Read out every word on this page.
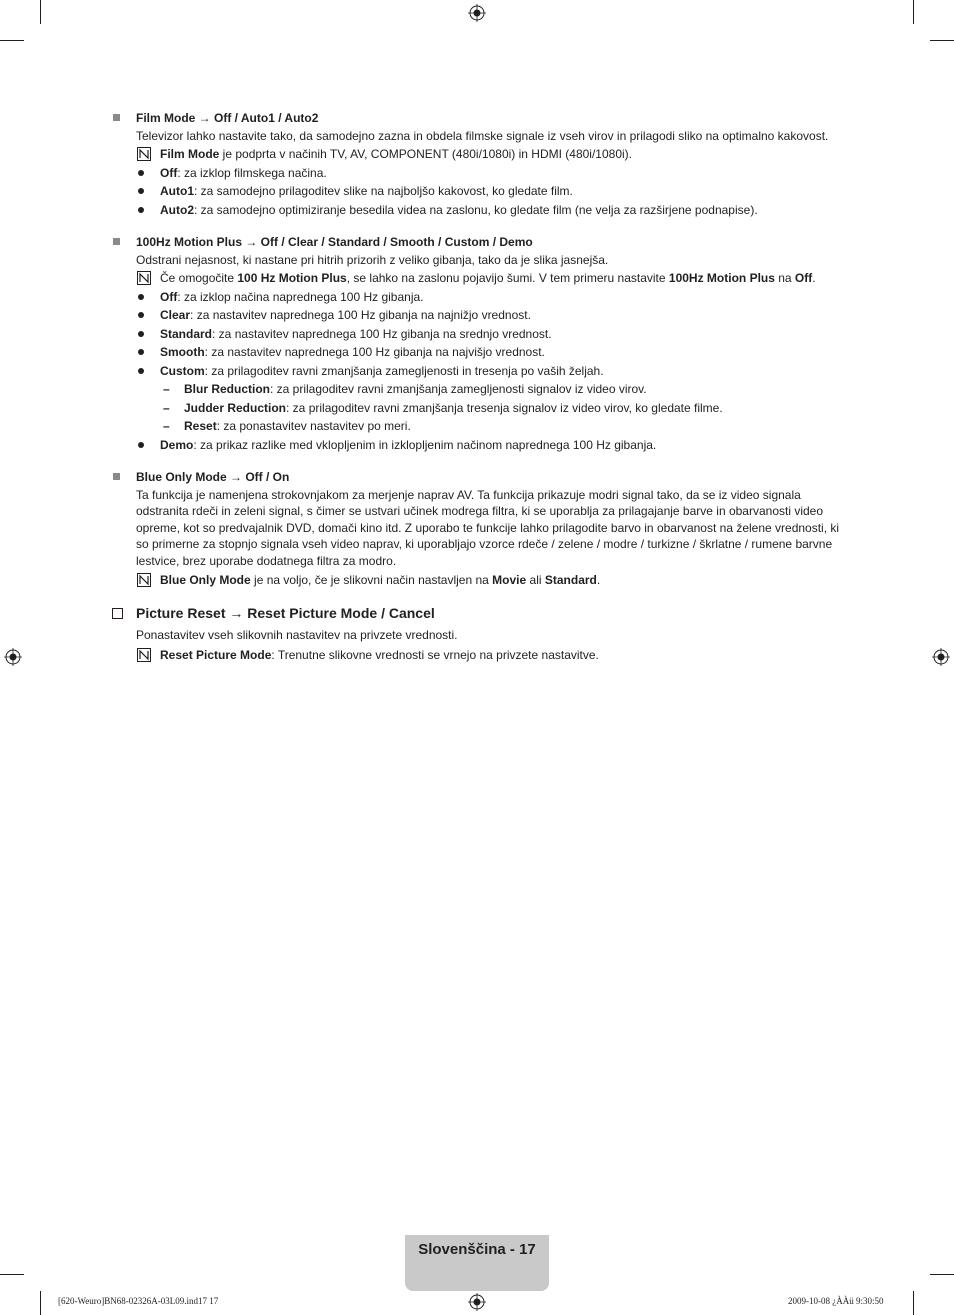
Film Mode → Off / Auto1 / Auto2
Televizor lahko nastavite tako, da samodejno zazna in obdela filmske signale iz vseh virov in prilagodi sliko na optimalno kakovost.
Film Mode je podprta v načinih TV, AV, COMPONENT (480i/1080i) in HDMI (480i/1080i).
Off: za izklop filmskega načina.
Auto1: za samodejno prilagoditev slike na najboljšo kakovost, ko gledate film.
Auto2: za samodejno optimiziranje besedila videa na zaslonu, ko gledate film (ne velja za razširjene podnapise).
100Hz Motion Plus → Off / Clear / Standard / Smooth / Custom / Demo
Odstrani nejasnost, ki nastane pri hitrih prizorih z veliko gibanja, tako da je slika jasnejša.
Če omogočite 100 Hz Motion Plus, se lahko na zaslonu pojavijo šumi. V tem primeru nastavite 100Hz Motion Plus na Off.
Off: za izklop načina naprednega 100 Hz gibanja.
Clear: za nastavitev naprednega 100 Hz gibanja na najnižjo vrednost.
Standard: za nastavitev naprednega 100 Hz gibanja na srednjo vrednost.
Smooth: za nastavitev naprednega 100 Hz gibanja na najvišjo vrednost.
Custom: za prilagoditev ravni zmanjšanja zamegljenosti in tresenja po vaših željah.
– Blur Reduction: za prilagoditev ravni zmanjšanja zamegljenosti signalov iz video virov.
– Judder Reduction: za prilagoditev ravni zmanjšanja tresenja signalov iz video virov, ko gledate filme.
– Reset: za ponastavitev nastavitev po meri.
Demo: za prikaz razlike med vklopljenim in izklopljenim načinom naprednega 100 Hz gibanja.
Blue Only Mode → Off / On
Ta funkcija je namenjena strokovnjakom za merjenje naprav AV. Ta funkcija prikazuje modri signal tako, da se iz video signala odstranita rdeči in zeleni signal, s čimer se ustvari učinek modrega filtra, ki se uporablja za prilagajanje barve in obarvanosti video opreme, kot so predvajalnik DVD, domači kino itd. Z uporabo te funkcije lahko prilagodite barvo in obarvanost na želene vrednosti, ki so primerne za stopnjo signala vseh video naprav, ki uporabljajo vzorce rdeče / zelene / modre / turkizne / škrlatne / rumene barvne lestvice, brez uporabe dodatnega filtra za modro.
Blue Only Mode je na voljo, če je slikovni način nastavljen na Movie ali Standard.
Picture Reset → Reset Picture Mode / Cancel
Ponastavitev vseh slikovnih nastavitev na privzete vrednosti.
Reset Picture Mode: Trenutne slikovne vrednosti se vrnejo na privzete nastavitve.
Slovenščina - 17
[620-Weuro]BN68-02326A-03L09.ind17 17	2009-10-08 ¿ÀÀü 9:30:50
